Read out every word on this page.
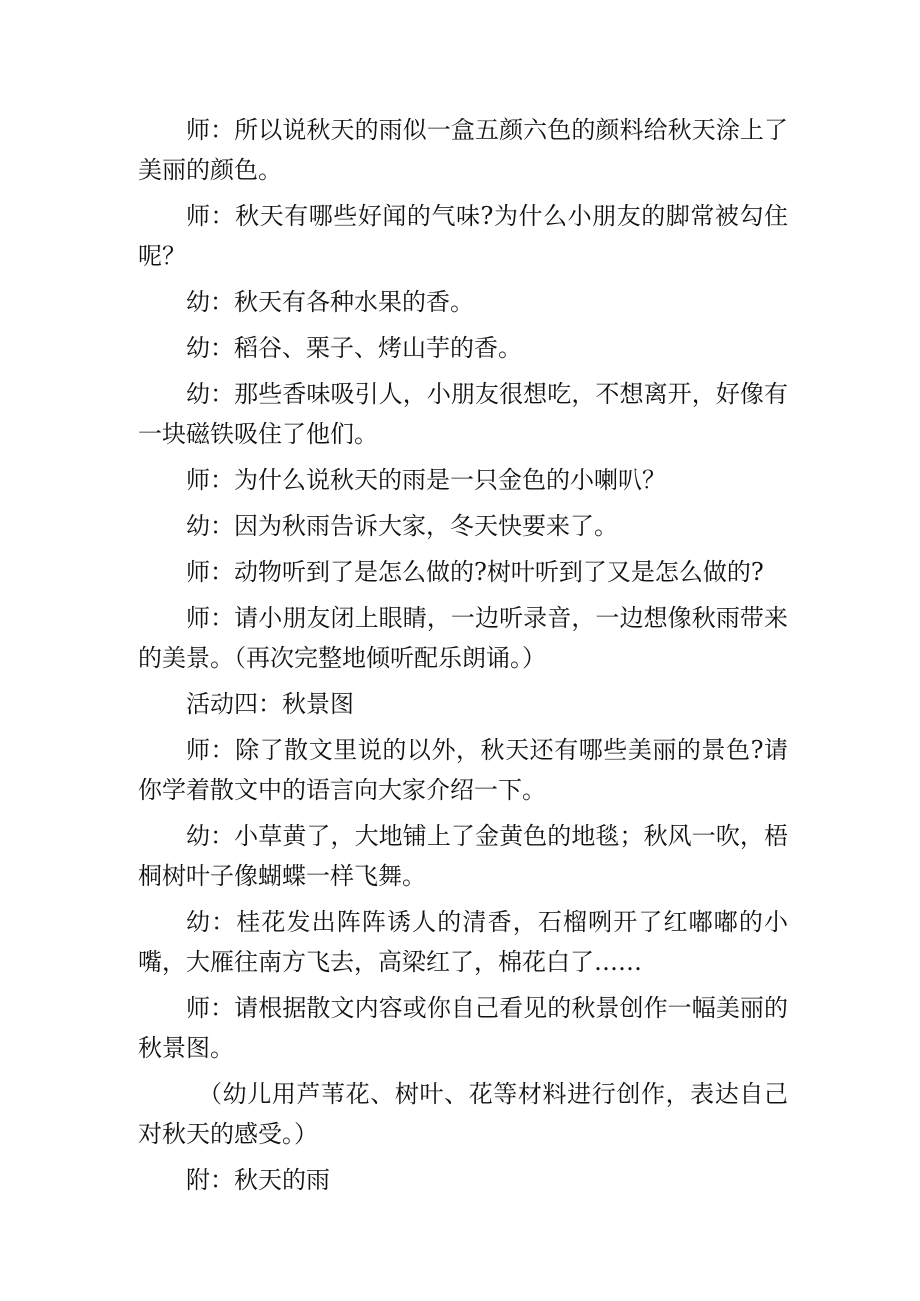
师：所以说秋天的雨似一盒五颜六色的颜料给秋天涂上了美丽的颜色。

师：秋天有哪些好闻的气味?为什么小朋友的脚常被勾住呢？

幼：秋天有各种水果的香。

幼：稻谷、栗子、烤山芋的香。

幼：那些香味吸引人，小朋友很想吃，不想离开，好像有一块磁铁吸住了他们。

师：为什么说秋天的雨是一只金色的小喇叭？

幼：因为秋雨告诉大家，冬天快要来了。

师：动物听到了是怎么做的?树叶听到了又是怎么做的?

师：请小朋友闭上眼睛，一边听录音，一边想像秋雨带来的美景。（再次完整地倾听配乐朗诵。）

活动四：秋景图

师：除了散文里说的以外，秋天还有哪些美丽的景色?请你学着散文中的语言向大家介绍一下。

幼：小草黄了，大地铺上了金黄色的地毯；秋风一吹，梧桐树叶子像蝴蝶一样飞舞。

幼：桂花发出阵阵诱人的清香，石榴咧开了红嘟嘟的小嘴，大雁往南方飞去，高梁红了，棉花白了……

师：请根据散文内容或你自己看见的秋景创作一幅美丽的秋景图。

（幼儿用芦苇花、树叶、花等材料进行创作，表达自己对秋天的感受。）

附：秋天的雨
